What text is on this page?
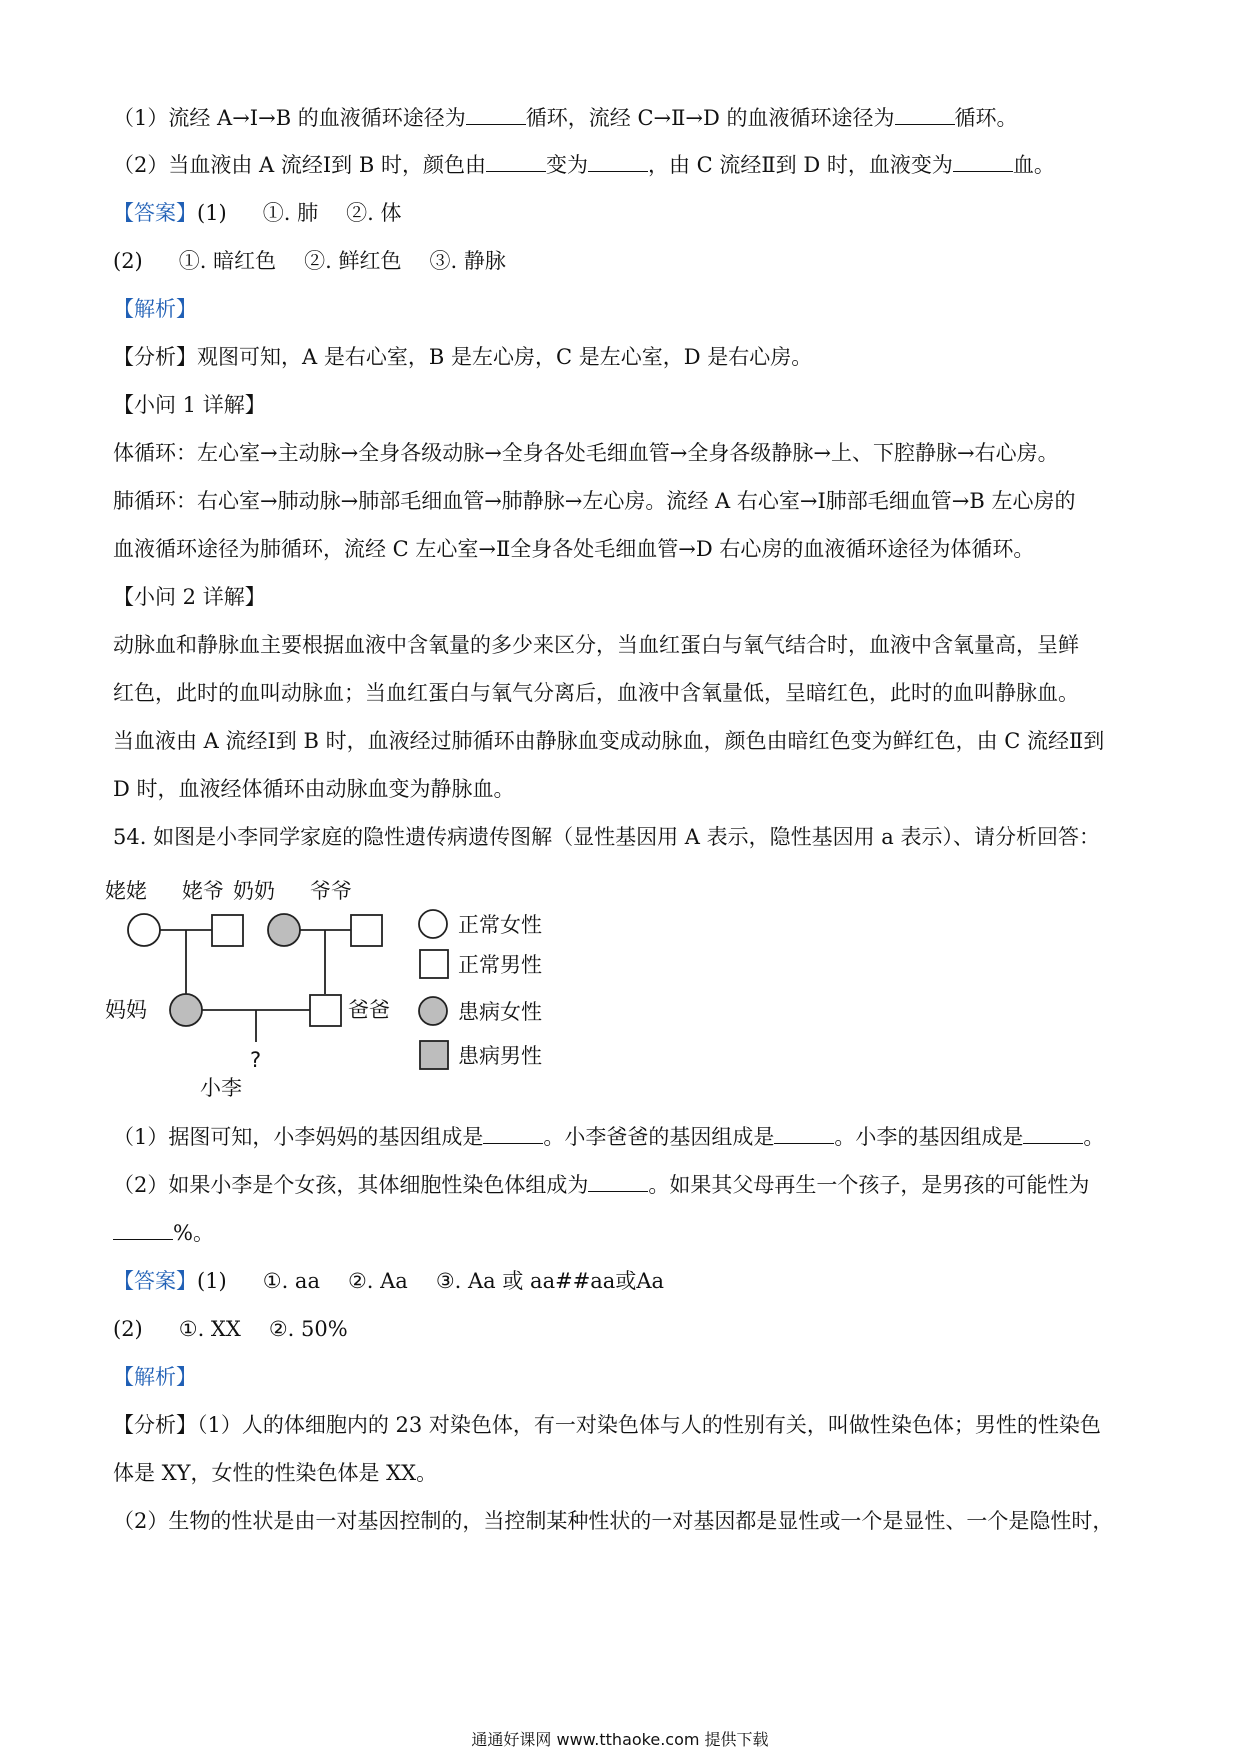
（1）流经 A→Ⅰ→B 的血液循环途径为	循环，流经 C→Ⅱ→D 的血液循环途径为	循环。
（2）当血液由 A 流经Ⅰ到 B 时，颜色由	变为	，由 C 流经Ⅱ到 D 时，血液变为	血。
【答案】(1) ①. 肺 ②. 体
(2) ①. 暗红色 ②. 鲜红色 ③. 静脉
【解析】
【分析】观图可知，A 是右心室，B 是左心房，C 是左心室，D 是右心房。
【小问 1 详解】
体循环：左心室→主动脉→全身各级动脉→全身各处毛细血管→全身各级静脉→上、下腔静脉→右心房。
肺循环：右心室→肺动脉→肺部毛细血管→肺静脉→左心房。流经 A 右心室→Ⅰ肺部毛细血管→B 左心房的
血液循环途径为肺循环，流经 C 左心室→Ⅱ全身各处毛细血管→D 右心房的血液循环途径为体循环。
【小问 2 详解】
动脉血和静脉血主要根据血液中含氧量的多少来区分，当血红蛋白与氧气结合时，血液中含氧量高，呈鲜
红色，此时的血叫动脉血；当血红蛋白与氧气分离后，血液中含氧量低，呈暗红色，此时的血叫静脉血。
当血液由 A 流经Ⅰ到 B 时，血液经过肺循环由静脉血变成动脉血，颜色由暗红色变为鲜红色，由 C 流经Ⅱ到
D 时，血液经体循环由动脉血变为静脉血。
54. 如图是小李同学家庭的隐性遗传病遗传图解（显性基因用 A 表示，隐性基因用 a 表示）、请分析回答：
姥姥 姥爷 奶奶 爷爷
妈妈	爸爸
?
小李
正常女性
正常男性
患病女性
患病男性
（1）据图可知，小李妈妈的基因组成是	。小李爸爸的基因组成是	。小李的基因组成是	。
（2）如果小李是个女孩，其体细胞性染色体组成为	。如果其父母再生一个孩子，是男孩的可能性为
%。
【答案】(1) ①. aa ②. Aa ③. Aa 或 aa##aa或Aa
(2) ①. XX ②. 50%
【解析】
【分析】（1）人的体细胞内的 23 对染色体，有一对染色体与人的性别有关，叫做性染色体；男性的性染色
体是 XY，女性的性染色体是 XX。
（2）生物的性状是由一对基因控制的，当控制某种性状的一对基因都是显性或一个是显性、一个是隐性时，
通通好课网 www.tthaoke.com 提供下载
